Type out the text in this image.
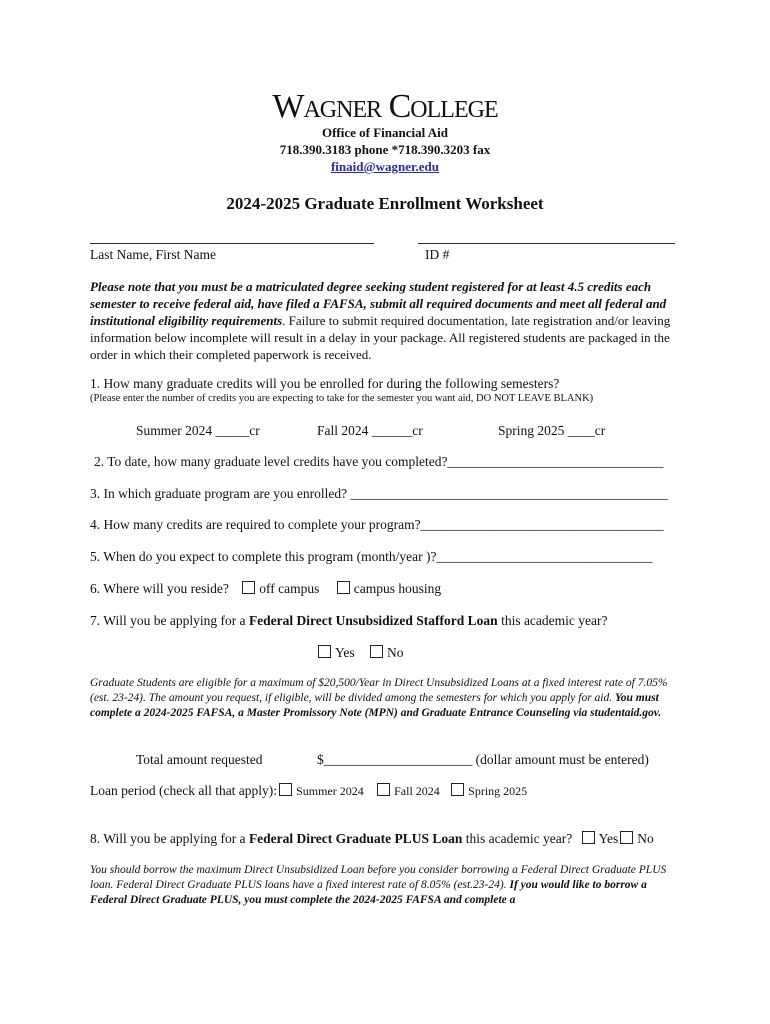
Wagner College
Office of Financial Aid
718.390.3183 phone *718.390.3203 fax
finaid@wagner.edu
2024-2025 Graduate Enrollment Worksheet
Last Name, First Name	ID #
Please note that you must be a matriculated degree seeking student registered for at least 4.5 credits each semester to receive federal aid, have filed a FAFSA, submit all required documents and meet all federal and institutional eligibility requirements. Failure to submit required documentation, late registration and/or leaving information below incomplete will result in a delay in your package. All registered students are packaged in the order in which their completed paperwork is received.
1. How many graduate credits will you be enrolled for during the following semesters?
(Please enter the number of credits you are expecting to take for the semester you want aid, DO NOT LEAVE BLANK)
Summer 2024 _____cr	Fall 2024 ______cr	Spring 2025 ____cr
2. To date, how many graduate level credits have you completed?________________________________
3. In which graduate program are you enrolled? _______________________________________________
4. How many credits are required to complete your program?____________________________________
5. When do you expect to complete this program (month/year )?________________________________
6. Where will you reside? off campus	campus housing
7. Will you be applying for a Federal Direct Unsubsidized Stafford Loan this academic year?
Yes No
Graduate Students are eligible for a maximum of $20,500/Year in Direct Unsubsidized Loans at a fixed interest rate of 7.05% (est. 23-24). The amount you request, if eligible, will be divided among the semesters for which you apply for aid. You must complete a 2024-2025 FAFSA, a Master Promissory Note (MPN) and Graduate Entrance Counseling via studentaid.gov.
Total amount requested	$______________________ (dollar amount must be entered)
Loan period (check all that apply): Summer 2024	Fall 2024 Spring 2025
8. Will you be applying for a Federal Direct Graduate PLUS Loan this academic year? Yes No
You should borrow the maximum Direct Unsubsidized Loan before you consider borrowing a Federal Direct Graduate PLUS loan. Federal Direct Graduate PLUS loans have a fixed interest rate of 8.05% (est.23-24). If you would like to borrow a Federal Direct Graduate PLUS, you must complete the 2024-2025 FAFSA and complete a
